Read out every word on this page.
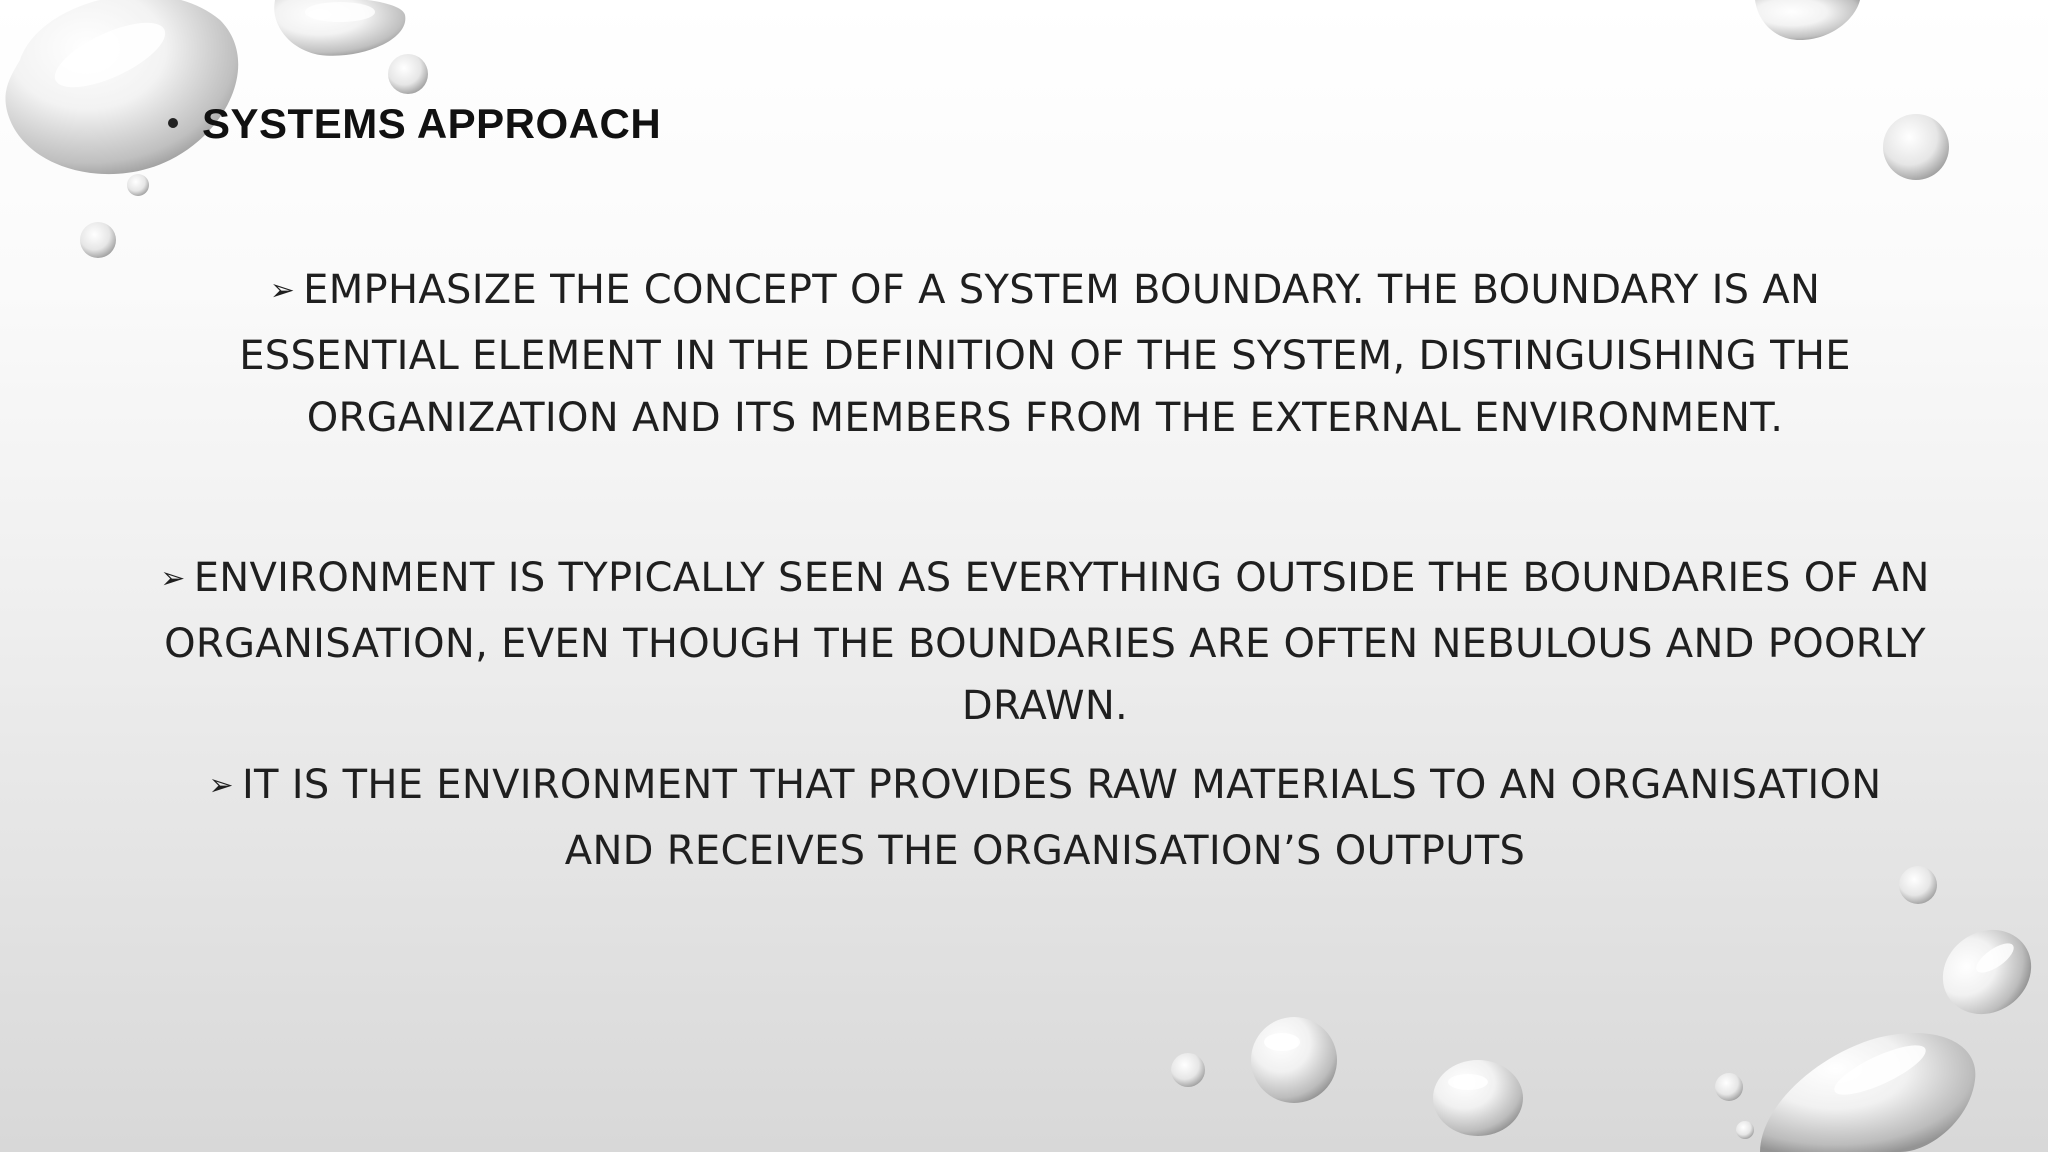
SYSTEMS APPROACH
➢ EMPHASIZE THE CONCEPT OF A SYSTEM BOUNDARY. THE BOUNDARY IS AN ESSENTIAL ELEMENT IN THE DEFINITION OF THE SYSTEM, DISTINGUISHING THE ORGANIZATION AND ITS MEMBERS FROM THE EXTERNAL ENVIRONMENT.
➢ ENVIRONMENT IS TYPICALLY SEEN AS EVERYTHING OUTSIDE THE BOUNDARIES OF AN ORGANISATION, EVEN THOUGH THE BOUNDARIES ARE OFTEN NEBULOUS AND POORLY DRAWN.
➢ IT IS THE ENVIRONMENT THAT PROVIDES RAW MATERIALS TO AN ORGANISATION AND RECEIVES THE ORGANISATION’S OUTPUTS
